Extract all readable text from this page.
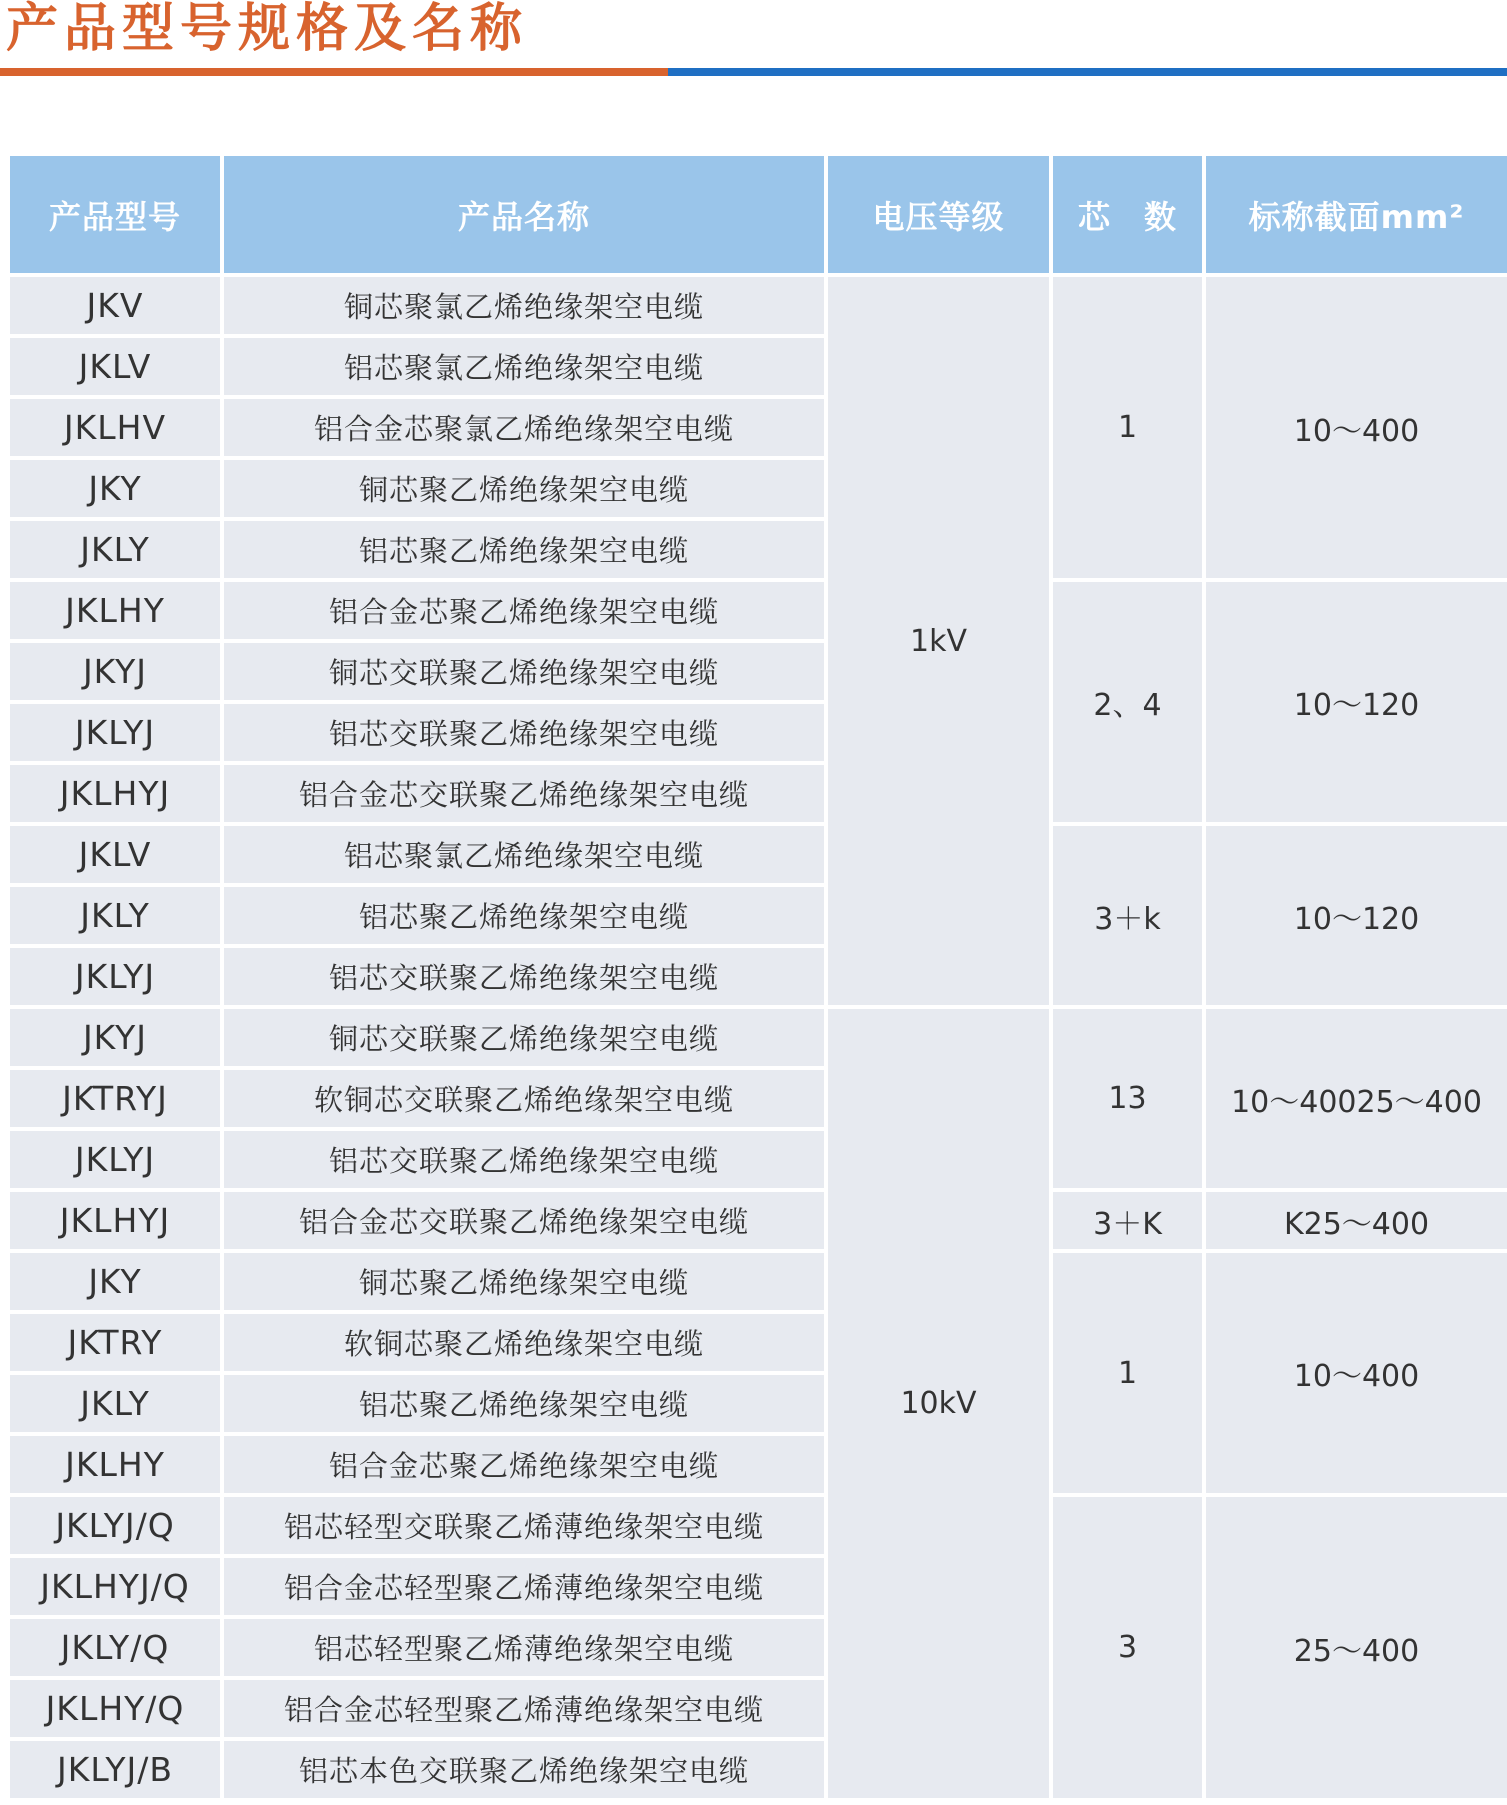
产品型号规格及名称
产品型号	产品名称	电压等级	芯　数	标称截面mm²
JKV	铜芯聚氯乙烯绝缘架空电缆	1kV	1	10～400
JKLV	铝芯聚氯乙烯绝缘架空电缆			
JKLHV	铝合金芯聚氯乙烯绝缘架空电缆			
JKY	铜芯聚乙烯绝缘架空电缆			
JKLY	铝芯聚乙烯绝缘架空电缆			
JKLHY	铝合金芯聚乙烯绝缘架空电缆		2、4	10～120
JKYJ	铜芯交联聚乙烯绝缘架空电缆			
JKLYJ	铝芯交联聚乙烯绝缘架空电缆			
JKLHYJ	铝合金芯交联聚乙烯绝缘架空电缆			
JKLV	铝芯聚氯乙烯绝缘架空电缆		3＋k	10～120
JKLY	铝芯聚乙烯绝缘架空电缆			
JKLYJ	铝芯交联聚乙烯绝缘架空电缆			
JKYJ	铜芯交联聚乙烯绝缘架空电缆	10kV	13	10～40025～400
JKTRYJ	软铜芯交联聚乙烯绝缘架空电缆			
JKLYJ	铝芯交联聚乙烯绝缘架空电缆			
JKLHYJ	铝合金芯交联聚乙烯绝缘架空电缆		3＋K	K25～400
JKY	铜芯聚乙烯绝缘架空电缆		1	10～400
JKTRY	软铜芯聚乙烯绝缘架空电缆			
JKLY	铝芯聚乙烯绝缘架空电缆			
JKLHY	铝合金芯聚乙烯绝缘架空电缆			
JKLYJ/Q	铝芯轻型交联聚乙烯薄绝缘架空电缆		3	25～400
JKLHYJ/Q	铝合金芯轻型聚乙烯薄绝缘架空电缆			
JKLY/Q	铝芯轻型聚乙烯薄绝缘架空电缆			
JKLHY/Q	铝合金芯轻型聚乙烯薄绝缘架空电缆			
JKLYJ/B	铝芯本色交联聚乙烯绝缘架空电缆			
